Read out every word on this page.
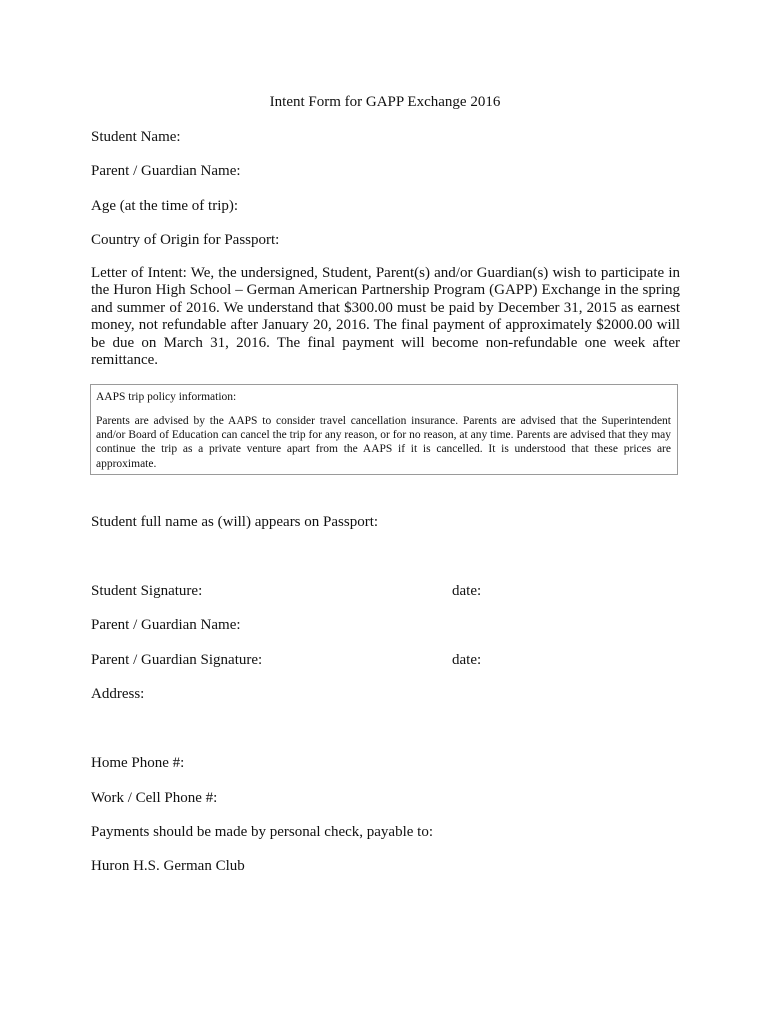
Intent Form for GAPP Exchange 2016
Student Name:
Parent / Guardian Name:
Age (at the time of trip):
Country of Origin for Passport:
Letter of Intent: We, the undersigned, Student, Parent(s) and/or Guardian(s) wish to participate in the Huron High School – German American Partnership Program (GAPP) Exchange in the spring and summer of 2016. We understand that $300.00 must be paid by December 31, 2015 as earnest money, not refundable after January 20, 2016. The final payment of approximately $2000.00 will be due on March 31, 2016. The final payment will become non-refundable one week after remittance.
AAPS trip policy information:
Parents are advised by the AAPS to consider travel cancellation insurance. Parents are advised that the Superintendent and/or Board of Education can cancel the trip for any reason, or for no reason, at any time. Parents are advised that they may continue the trip as a private venture apart from the AAPS if it is cancelled. It is understood that these prices are approximate.
Student full name as (will) appears on Passport:
Student Signature:	date:
Parent / Guardian Name:
Parent / Guardian Signature:	date:
Address:
Home Phone #:
Work / Cell Phone #:
Payments should be made by personal check, payable to:
Huron H.S. German Club
